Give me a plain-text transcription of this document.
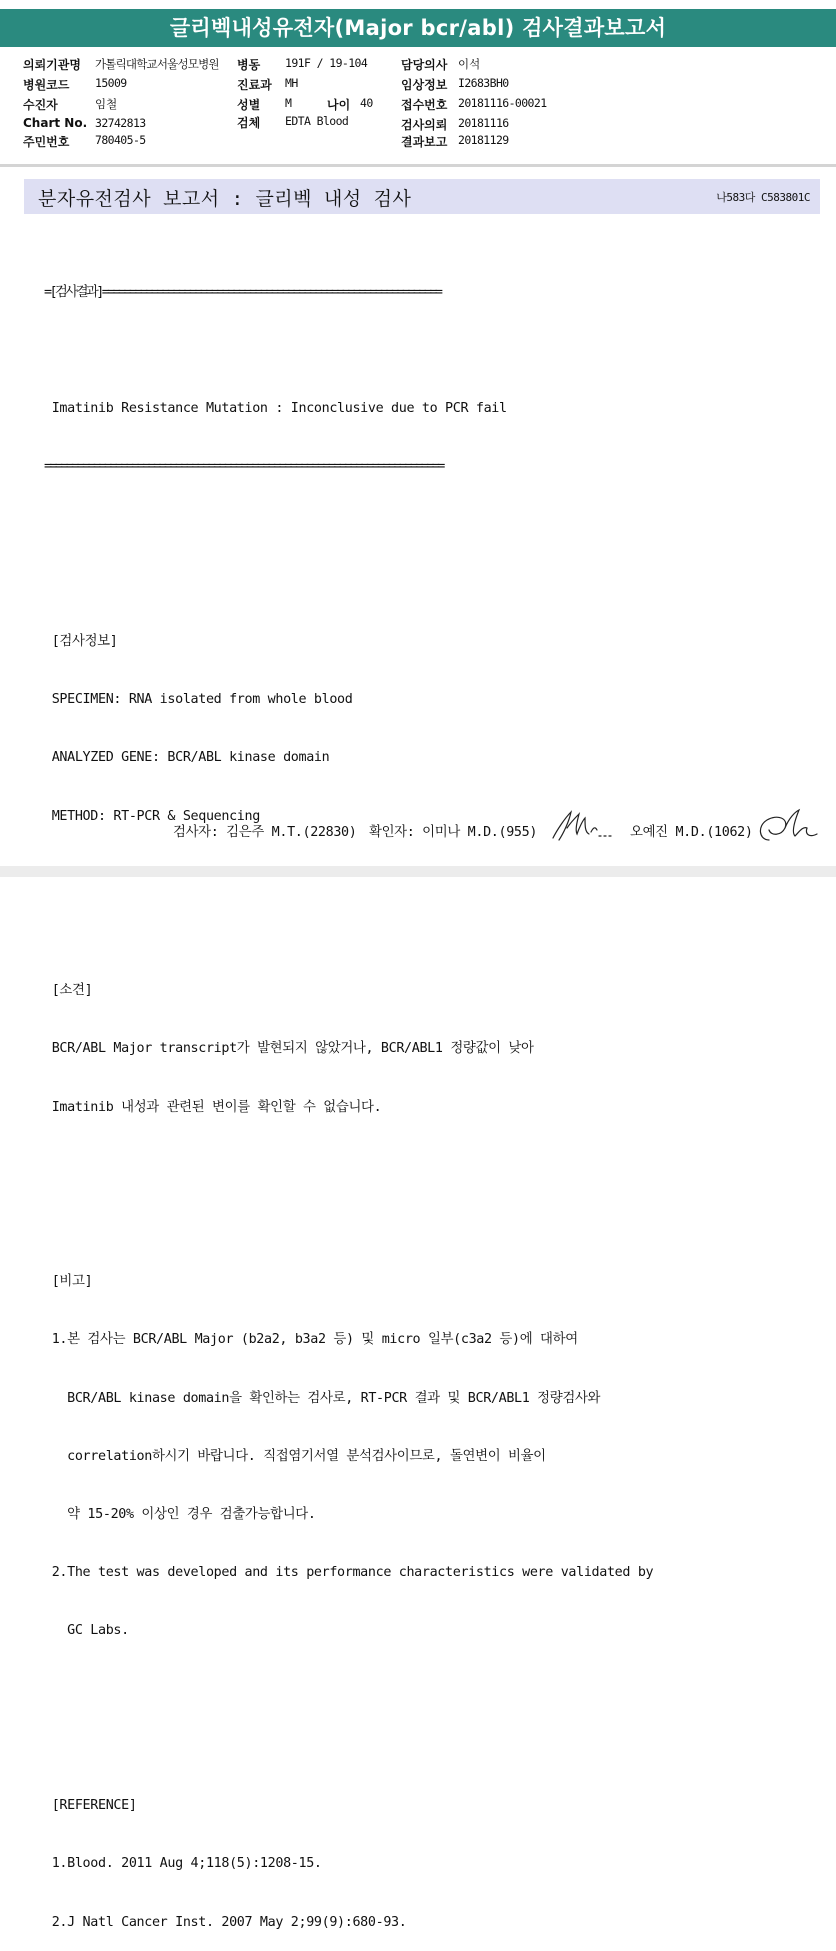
글리벡내성유전자(Major bcr/abl) 검사결과보고서
의뢰기관명 가톨릭대학교서울성모병원
병원코드 15009
수진자	임철
Chart No. 32742813
주민번호 780405-5
병동 191F / 19-104
진료과 MH
성별 M	나이 40
검체 EDTA Blood
담당의사 이석
임상정보 I2683BH0
접수번호 20181116-00021
검사의뢰 20181116
결과보고 20181129
분자유전검사 보고서 : 글리벡 내성 검사	나583다 C583801C

=[검사결과]==============================================================

Imatinib Resistance Mutation : Inconclusive due to PCR fail

=========================================================================

[검사정보]

SPECIMEN: RNA isolated from whole blood

ANALYZED GENE: BCR/ABL kinase domain

METHOD: RT-PCR & Sequencing

[소견]

BCR/ABL Major transcript가 발현되지 않았거나, BCR/ABL1 정량값이 낮아

Imatinib 내성과 관련된 변이를 확인할 수 없습니다.

[비고]

1.본 검사는 BCR/ABL Major (b2a2, b3a2 등) 및 micro 일부(c3a2 등)에 대하여

BCR/ABL kinase domain을 확인하는 검사로, RT-PCR 결과 및 BCR/ABL1 정량검사와

correlation하시기 바랍니다. 직접염기서열 분석검사이므로, 돌연변이 비율이

약 15-20% 이상인 경우 검출가능합니다.

2.The test was developed and its performance characteristics were validated by

GC Labs.

[REFERENCE]

1.Blood. 2011 Aug 4;118(5):1208-15.

2.J Natl Cancer Inst. 2007 May 2;99(9):680-93.

검사자: 김은주 M.T.(22830) 확인자: 이미나 M.D.(955)	오예진 M.D.(1062)
